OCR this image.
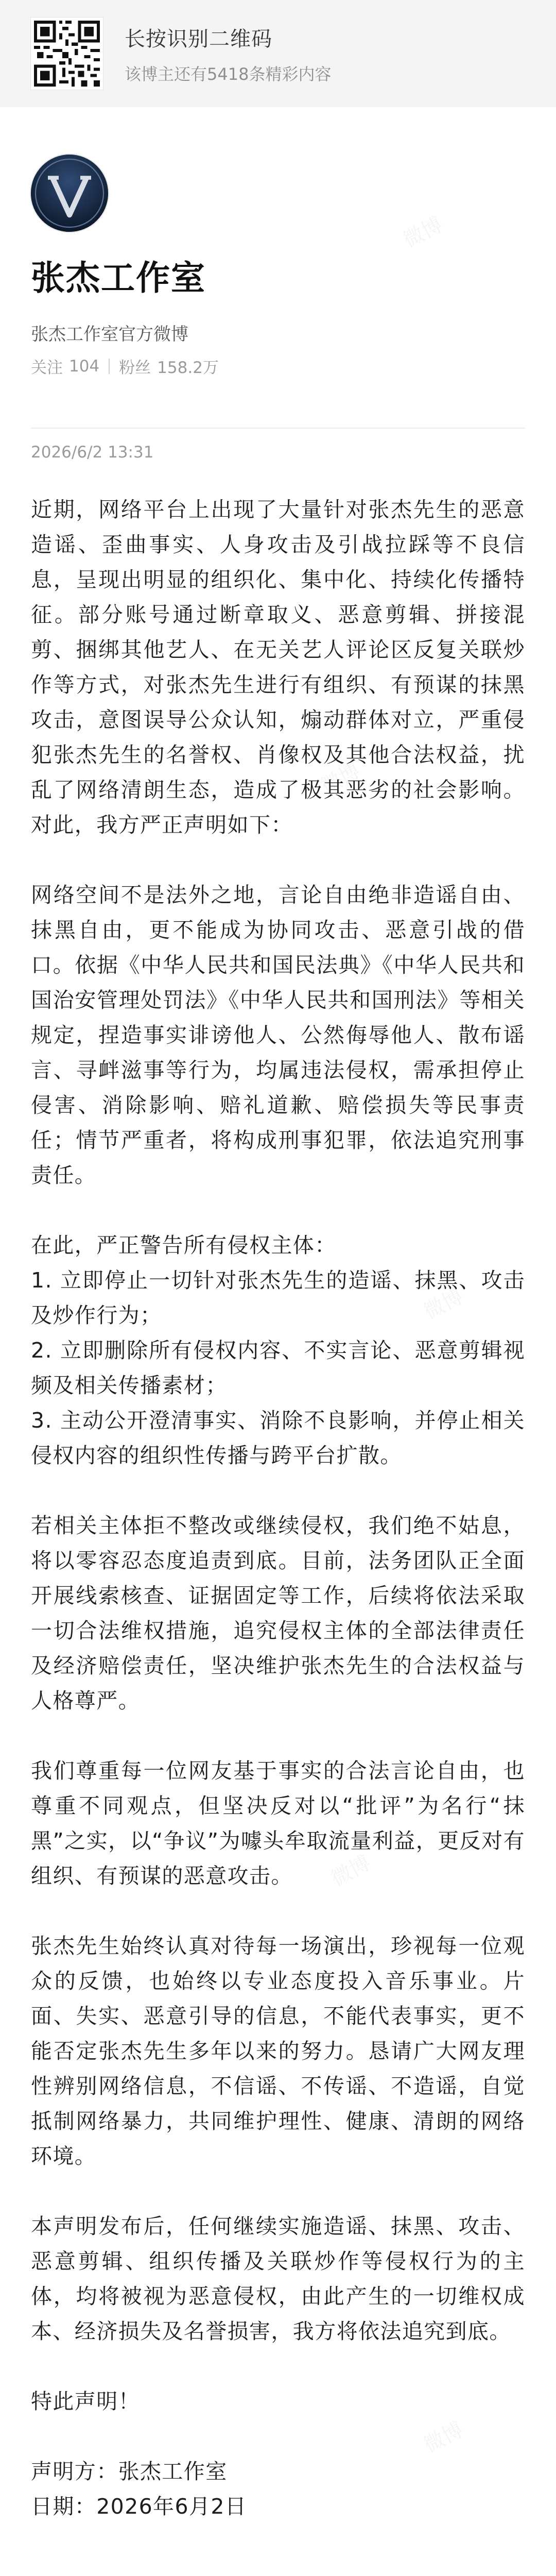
长按识别二维码
该博主还有5418条精彩内容
张杰工作室
张杰工作室官方微博
关注 104 粉丝 158.2万
2026/6/2 13:31

近期，网络平台上出现了大量针对张杰先生的恶意造谣、歪曲事实、人身攻击及引战拉踩等不良信息，呈现出明显的组织化、集中化、持续化传播特征。部分账号通过断章取义、恶意剪辑、拼接混剪、捆绑其他艺人、在无关艺人评论区反复关联炒作等方式，对张杰先生进行有组织、有预谋的抹黑攻击，意图误导公众认知，煽动群体对立，严重侵犯张杰先生的名誉权、肖像权及其他合法权益，扰乱了网络清朗生态，造成了极其恶劣的社会影响。对此，我方严正声明如下：

网络空间不是法外之地，言论自由绝非造谣自由、抹黑自由，更不能成为协同攻击、恶意引战的借口。依据《中华人民共和国民法典》《中华人民共和国治安管理处罚法》《中华人民共和国刑法》等相关规定，捏造事实诽谤他人、公然侮辱他人、散布谣言、寻衅滋事等行为，均属违法侵权，需承担停止侵害、消除影响、赔礼道歉、赔偿损失等民事责任；情节严重者，将构成刑事犯罪，依法追究刑事责任。

在此，严正警告所有侵权主体：

1. 立即停止一切针对张杰先生的造谣、抹黑、攻击及炒作行为；

2. 立即删除所有侵权内容、不实言论、恶意剪辑视频及相关传播素材；

3. 主动公开澄清事实、消除不良影响，并停止相关侵权内容的组织性传播与跨平台扩散。

若相关主体拒不整改或继续侵权，我们绝不姑息，将以零容忍态度追责到底。目前，法务团队正全面开展线索核查、证据固定等工作，后续将依法采取一切合法维权措施，追究侵权主体的全部法律责任及经济赔偿责任，坚决维护张杰先生的合法权益与人格尊严。

我们尊重每一位网友基于事实的合法言论自由，也尊重不同观点，但坚决反对以“批评”为名行“抹黑”之实，以“争议”为噱头牟取流量利益，更反对有组织、有预谋的恶意攻击。

张杰先生始终认真对待每一场演出，珍视每一位观众的反馈，也始终以专业态度投入音乐事业。片面、失实、恶意引导的信息，不能代表事实，更不能否定张杰先生多年以来的努力。恳请广大网友理性辨别网络信息，不信谣、不传谣、不造谣，自觉抵制网络暴力，共同维护理性、健康、清朗的网络环境。

本声明发布后，任何继续实施造谣、抹黑、攻击、恶意剪辑、组织传播及关联炒作等侵权行为的主体，均将被视为恶意侵权，由此产生的一切维权成本、经济损失及名誉损害，我方将依法追究到底。

特此声明！

声明方：张杰工作室

日期：2026年6月2日
